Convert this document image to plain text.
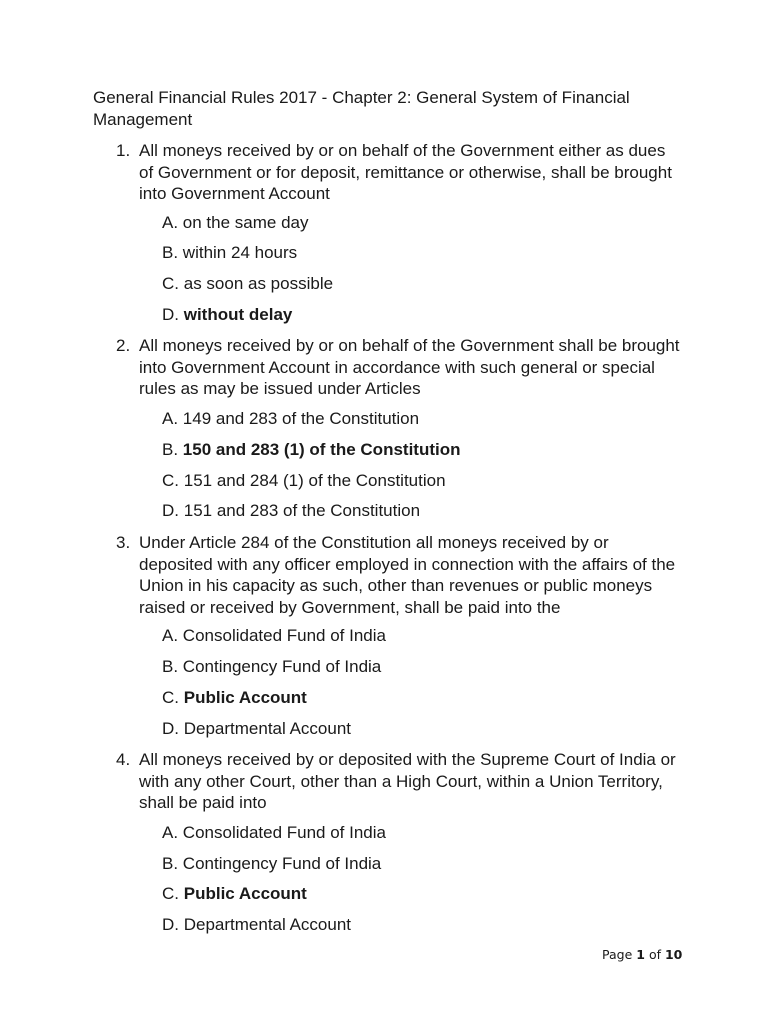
General Financial Rules 2017 - Chapter 2: General System of Financial Management
1. All moneys received by or on behalf of the Government either as dues of Government or for deposit, remittance or otherwise, shall be brought into Government Account
A. on the same day
B. within 24 hours
C. as soon as possible
D. without delay
2. All moneys received by or on behalf of the Government shall be brought into Government Account in accordance with such general or special rules as may be issued under Articles
A. 149 and 283 of the Constitution
B. 150 and 283 (1) of the Constitution
C. 151 and 284 (1) of the Constitution
D. 151 and 283 of the Constitution
3. Under Article 284 of the Constitution all moneys received by or deposited with any officer employed in connection with the affairs of the Union in his capacity as such, other than revenues or public moneys raised or received by Government, shall be paid into the
A. Consolidated Fund of India
B. Contingency Fund of India
C. Public Account
D. Departmental Account
4. All moneys received by or deposited with the Supreme Court of India or with any other Court, other than a High Court, within a Union Territory, shall be paid into
A. Consolidated Fund of India
B. Contingency Fund of India
C. Public Account
D. Departmental Account
Page 1 of 10
